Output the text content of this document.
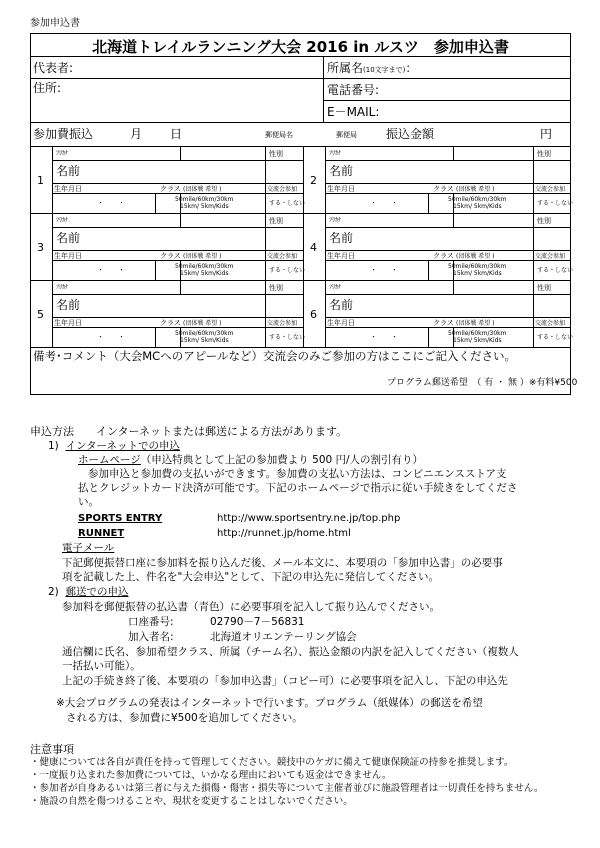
参加申込書
北海道トレイルランニング大会 2016 in ルスツ　参加申込書
代表者:	所属名(10文字まで)：
住所:	電話番号:
E－MAIL:
参加費振込	月 日	郵便局名	郵便局 振込金額	円
1
ﾌﾘｶﾅ	性別
名前
生年月日	クラス (団体戦 希望 )	交流会参加
・　　・	50mile/60km/30km
15km/ 5km/Kids	する・しない
2
ﾌﾘｶﾅ	性別
名前
生年月日	クラス (団体戦 希望 )	交流会参加
・　　・	50mile/60km/30km
15km/ 5km/Kids	する・しない
3
ﾌﾘｶﾅ	性別
名前
生年月日	クラス (団体戦 希望 )	交流会参加
・　　・	50mile/60km/30km
15km/ 5km/Kids	する・しない
4
ﾌﾘｶﾅ	性別
名前
生年月日	クラス (団体戦 希望 )	交流会参加
・　　・	50mile/60km/30km
15km/ 5km/Kids	する・しない
5
ﾌﾘｶﾅ	性別
名前
生年月日	クラス (団体戦 希望 )	交流会参加
・　　・	50mile/60km/30km
15km/ 5km/Kids	する・しない
6
ﾌﾘｶﾅ	性別
名前
生年月日	クラス (団体戦 希望 )	交流会参加
・　　・	50mile/60km/30km
15km/ 5km/Kids	する・しない
備考･コメント（大会MCへのアピールなど）交流会のみご参加の方はここにご記入ください。
プログラム郵送希望　（ 有 ・ 無 ）※有料¥500
申込方法 インターネットまたは郵送による方法があります。
1) インターネットでの申込
ホームページ（申込特典として上記の参加費より 500 円/人の割引有り）
参加申込と参加費の支払いができます。参加費の支払い方法は、コンビニエンスストア支
払とクレジットカード決済が可能です。下記のホームページで指示に従い手続きをしてくださ
い。
SPORTS ENTRY	http://www.sportsentry.ne.jp/top.php
RUNNET	http://runnet.jp/home.html
電子メール
下記郵便振替口座に参加料を振り込んだ後、メール本文に、本要項の「参加申込書」の必要事
項を記載した上、件名を"大会申込"として、下記の申込先に発信してください。
2) 郵送での申込
参加料を郵便振替の払込書（青色）に必要事項を記入して振り込んでください。
口座番号:	02790－7－56831
加入者名:	北海道オリエンテーリング協会
通信欄に氏名、参加希望クラス、所属（チーム名）、振込金額の内訳を記入してください（複数人
一括払い可能）。
上記の手続き終了後、本要項の「参加申込書」（コピー可）に必要事項を記入し、下記の申込先
※大会プログラムの発表はインターネットで行います。プログラム（紙媒体）の郵送を希望
される方は、参加費に¥500を追加してください。
注意事項
・健康については各自が責任を持って管理してください。競技中のケガに備えて健康保険証の持参を推奨します。
・一度振り込まれた参加費については、いかなる理由においても返金はできません。
・参加者が自身あるいは第三者に与えた損傷・傷害・損失等について主催者並びに施設管理者は一切責任を持ちません。
・施設の自然を傷つけることや、現状を変更することはしないでください。
